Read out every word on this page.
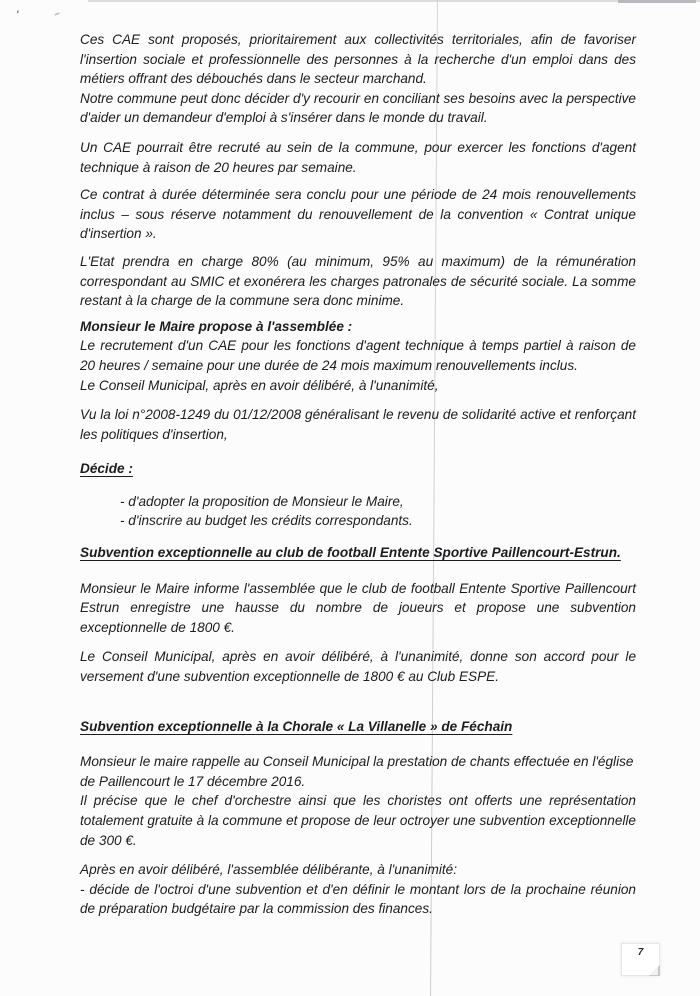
'

Ces CAE sont proposés, prioritairement aux collectivités territoriales, afin de favoriser l'insertion sociale et professionnelle des personnes à la recherche d'un emploi dans des métiers offrant des débouchés dans le secteur marchand.

Notre commune peut donc décider d'y recourir en conciliant ses besoins avec la perspective d'aider un demandeur d'emploi à s'insérer dans le monde du travail.

Un CAE pourrait être recruté au sein de la commune, pour exercer les fonctions d'agent technique à raison de 20 heures par semaine.

Ce contrat à durée déterminée sera conclu pour une période de 24 mois renouvellements inclus – sous réserve notamment du renouvellement de la convention « Contrat unique d'insertion ».

L'Etat prendra en charge 80% (au minimum, 95% au maximum) de la rémunération correspondant au SMIC et exonérera les charges patronales de sécurité sociale. La somme restant à la charge de la commune sera donc minime.

Monsieur le Maire propose à l'assemblée :

Le recrutement d'un CAE pour les fonctions d'agent technique à temps partiel à raison de 20 heures / semaine pour une durée de 24 mois maximum renouvellements inclus.

Le Conseil Municipal, après en avoir délibéré, à l'unanimité,

Vu la loi n°2008-1249 du 01/12/2008 généralisant le revenu de solidarité active et renforçant les politiques d'insertion,

Décide :

- d'adopter la proposition de Monsieur le Maire,

- d'inscrire au budget les crédits correspondants.

Subvention exceptionnelle au club de football Entente Sportive Paillencourt-Estrun.

Monsieur le Maire informe l'assemblée que le club de football Entente Sportive Paillencourt Estrun enregistre une hausse du nombre de joueurs et propose une subvention exceptionnelle de 1800 €.

Le Conseil Municipal, après en avoir délibéré, à l'unanimité, donne son accord pour le versement d'une subvention exceptionnelle de 1800 € au Club ESPE.

Subvention exceptionnelle à la Chorale « La Villanelle » de Féchain

Monsieur le maire rappelle au Conseil Municipal la prestation de chants effectuée en l'église de Paillencourt le 17 décembre 2016.

Il précise que le chef d'orchestre ainsi que les choristes ont offerts une représentation totalement gratuite à la commune et propose de leur octroyer une subvention exceptionnelle de 300 €.

Après en avoir délibéré, l'assemblée délibérante, à l'unanimité:

- décide de l'octroi d'une subvention et d'en définir le montant lors de la prochaine réunion de préparation budgétaire par la commission des finances.

7
